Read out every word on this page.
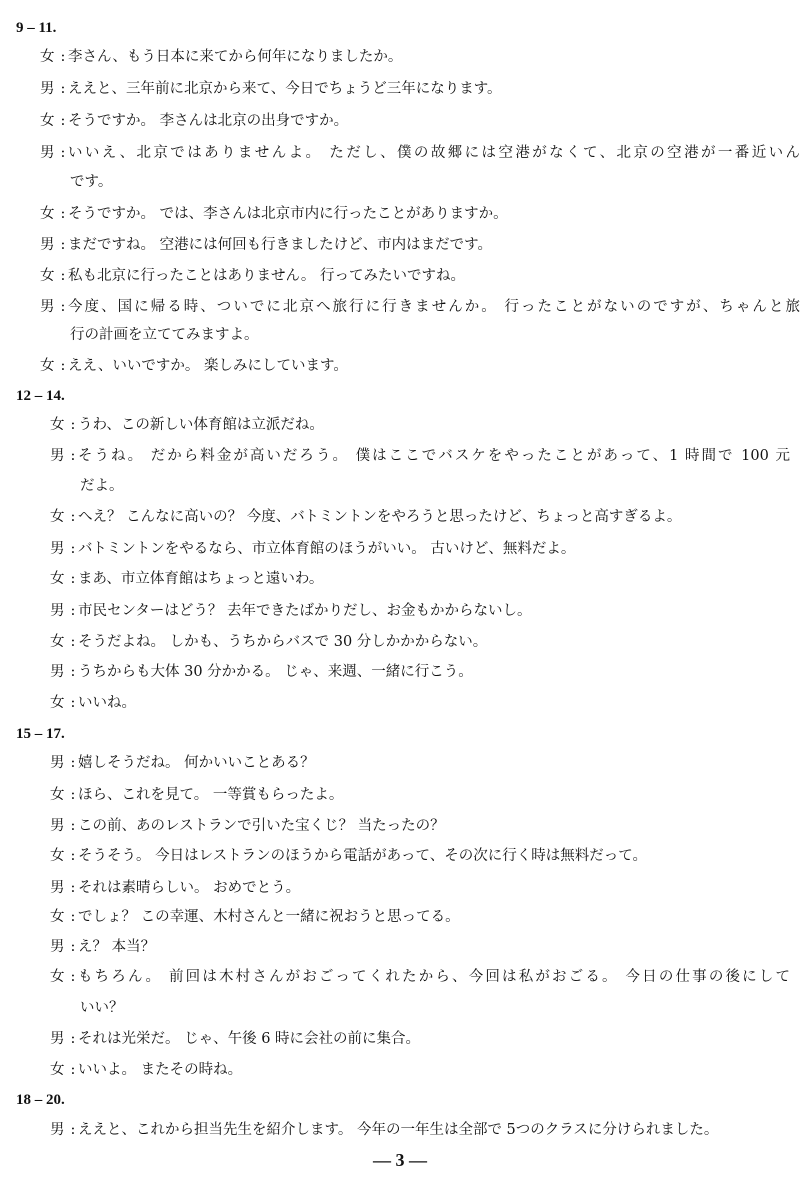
9 – 11.
女 : 李さん、もう日本に来てから何年になりましたか。
男 : ええと、三年前に北京から来て、今日でちょうど三年になります。
女 : そうですか。 李さんは北京の出身ですか。
男 : いいえ、北京ではありませんよ。 ただし、僕の故郷には空港がなくて、北京の空港が一番近いん
です。
女 : そうですか。 では、李さんは北京市内に行ったことがありますか。
男 : まだですね。 空港には何回も行きましたけど、市内はまだです。
女 : 私も北京に行ったことはありません。 行ってみたいですね。
男 : 今度、国に帰る時、ついでに北京へ旅行に行きませんか。 行ったことがないのですが、ちゃんと旅
行の計画を立ててみますよ。
女 : ええ、いいですか。 楽しみにしています。
12 – 14.
女 : うわ、この新しい体育館は立派だね。
男 : そうね。 だから料金が高いだろう。 僕はここでバスケをやったことがあって、1 時間で 100 元
だよ。
女 : へえ？ こんなに高いの？ 今度、バトミントンをやろうと思ったけど、ちょっと高すぎるよ。
男 : バトミントンをやるなら、市立体育館のほうがいい。 古いけど、無料だよ。
女 : まあ、市立体育館はちょっと遠いわ。
男 : 市民センターはどう？ 去年できたばかりだし、お金もかからないし。
女 : そうだよね。 しかも、うちからバスで 30 分しかかからない。
男 : うちからも大体 30 分かかる。 じゃ、来週、一緒に行こう。
女 : いいね。
15 – 17.
男 : 嬉しそうだね。 何かいいことある？
女 : ほら、これを見て。 一等賞もらったよ。
男 : この前、あのレストランで引いた宝くじ？ 当たったの？
女 : そうそう。 今日はレストランのほうから電話があって、その次に行く時は無料だって。
男 : それは素晴らしい。 おめでとう。
女 : でしょ？ この幸運、木村さんと一緒に祝おうと思ってる。
男 : え？ 本当？
女 : もちろん。 前回は木村さんがおごってくれたから、今回は私がおごる。 今日の仕事の後にして
いい？
男 : それは光栄だ。 じゃ、午後 6 時に会社の前に集合。
女 : いいよ。 またその時ね。
18 – 20.
男 : ええと、これから担当先生を紹介します。 今年の一年生は全部で 5つのクラスに分けられました。
— 3 —
